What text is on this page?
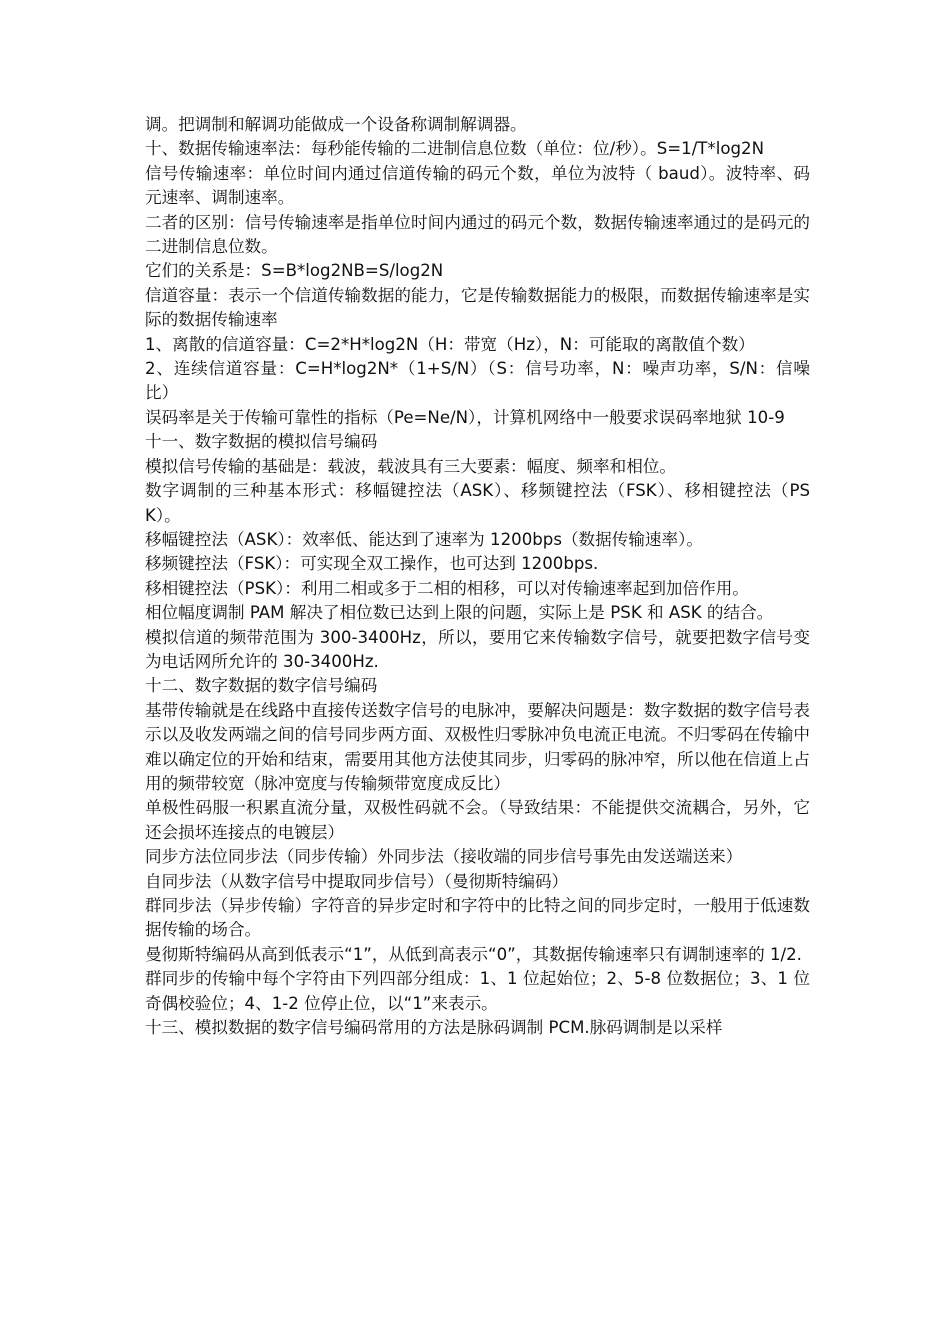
调。把调制和解调功能做成一个设备称调制解调器。

十、数据传输速率法：每秒能传输的二进制信息位数（单位：位/秒）。S=1/T*log2N

信号传输速率：单位时间内通过信道传输的码元个数，单位为波特（ baud）。波特率、码元速率、调制速率。

二者的区别：信号传输速率是指单位时间内通过的码元个数，数据传输速率通过的是码元的二进制信息位数。

它们的关系是：S=B*log2NB=S/log2N

信道容量：表示一个信道传输数据的能力，它是传输数据能力的极限，而数据传输速率是实际的数据传输速率

1、离散的信道容量：C=2*H*log2N（H：带宽（Hz），N：可能取的离散值个数）

2、连续信道容量：C=H*log2N*（1+S/N）（S：信号功率，N：噪声功率，S/N：信噪比）

误码率是关于传输可靠性的指标（Pe=Ne/N），计算机网络中一般要求误码率地狱 10-9

十一、数字数据的模拟信号编码

模拟信号传输的基础是：载波，载波具有三大要素：幅度、频率和相位。

数字调制的三种基本形式：移幅键控法（ASK）、移频键控法（FSK）、移相键控法（PSK）。

移幅键控法（ASK）：效率低、能达到了速率为 1200bps（数据传输速率）。

移频键控法（FSK）：可实现全双工操作，也可达到 1200bps.

移相键控法（PSK）：利用二相或多于二相的相移，可以对传输速率起到加倍作用。

相位幅度调制 PAM 解决了相位数已达到上限的问题，实际上是 PSK 和 ASK 的结合。

模拟信道的频带范围为 300-3400Hz，所以，要用它来传输数字信号，就要把数字信号变为电话网所允许的 30-3400Hz.

十二、数字数据的数字信号编码

基带传输就是在线路中直接传送数字信号的电脉冲，要解决问题是：数字数据的数字信号表示以及收发两端之间的信号同步两方面、双极性归零脉冲负电流正电流。不归零码在传输中难以确定位的开始和结束，需要用其他方法使其同步，归零码的脉冲窄，所以他在信道上占用的频带较宽（脉冲宽度与传输频带宽度成反比）

单极性码服一积累直流分量，双极性码就不会。（导致结果：不能提供交流耦合，另外，它还会损坏连接点的电镀层）

同步方法位同步法（同步传输）外同步法（接收端的同步信号事先由发送端送来）

自同步法（从数字信号中提取同步信号）（曼彻斯特编码）

群同步法（异步传输）字符音的异步定时和字符中的比特之间的同步定时，一般用于低速数据传输的场合。

曼彻斯特编码从高到低表示“1”，从低到高表示“0”，其数据传输速率只有调制速率的 1/2.

群同步的传输中每个字符由下列四部分组成：1、1 位起始位；2、5-8 位数据位；3、1 位奇偶校验位；4、1-2 位停止位，以“1”来表示。

十三、模拟数据的数字信号编码常用的方法是脉码调制 PCM.脉码调制是以采样
